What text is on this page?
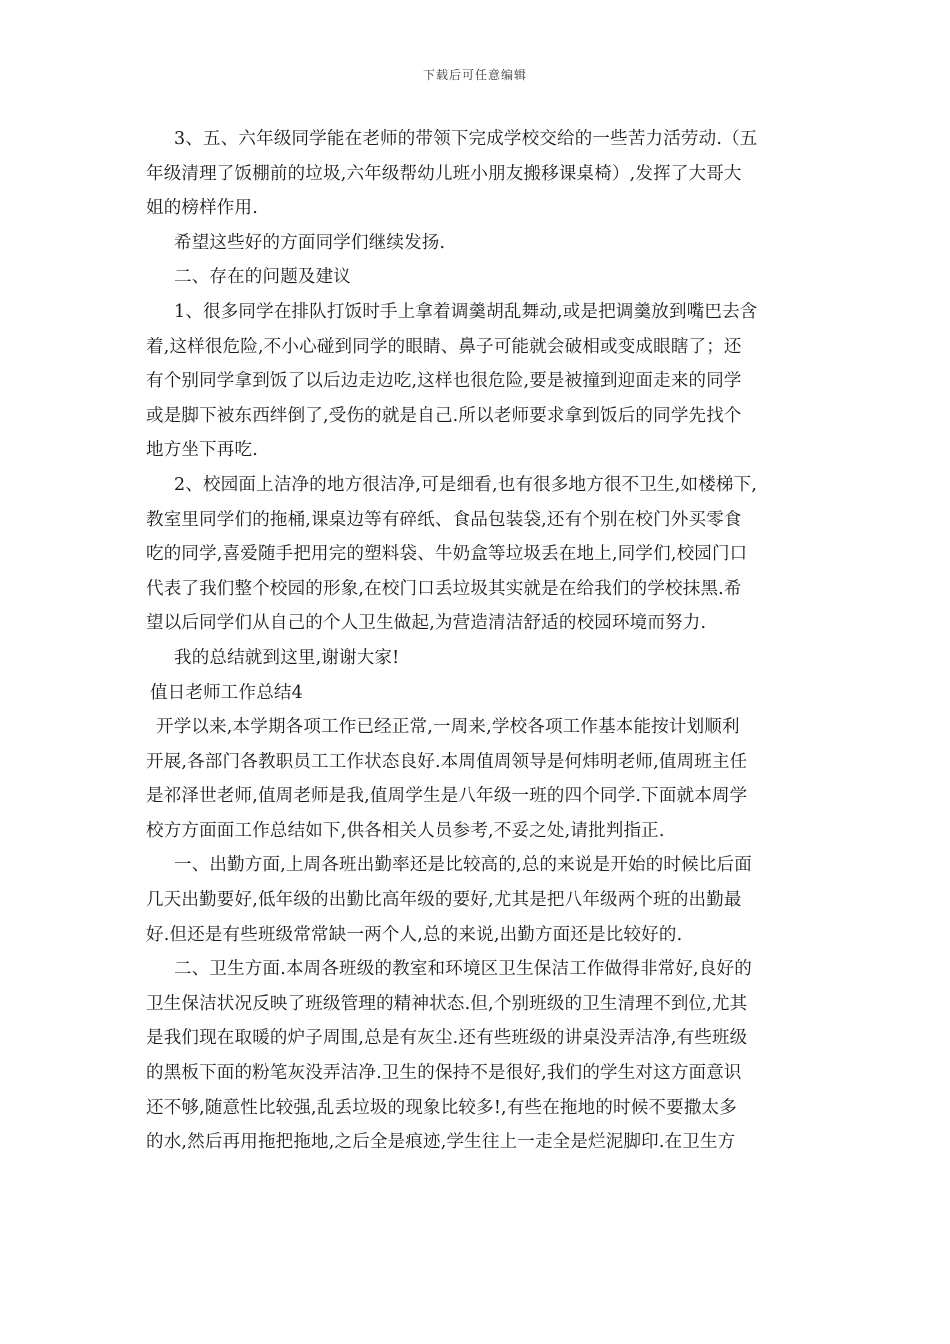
下载后可任意编辑
3、五、六年级同学能在老师的带领下完成学校交给的一些苦力活劳动.（五
年级清理了饭棚前的垃圾,六年级帮幼儿班小朋友搬移课桌椅）,发挥了大哥大
姐的榜样作用.
希望这些好的方面同学们继续发扬.
二、存在的问题及建议
1、很多同学在排队打饭时手上拿着调羹胡乱舞动,或是把调羹放到嘴巴去含
着,这样很危险,不小心碰到同学的眼睛、鼻子可能就会破相或变成眼瞎了；还
有个别同学拿到饭了以后边走边吃,这样也很危险,要是被撞到迎面走来的同学
或是脚下被东西绊倒了,受伤的就是自己.所以老师要求拿到饭后的同学先找个
地方坐下再吃.
2、校园面上洁净的地方很洁净,可是细看,也有很多地方很不卫生,如楼梯下,
教室里同学们的拖桶,课桌边等有碎纸、食品包装袋,还有个别在校门外买零食
吃的同学,喜爱随手把用完的塑料袋、牛奶盒等垃圾丢在地上,同学们,校园门口
代表了我们整个校园的形象,在校门口丢垃圾其实就是在给我们的学校抹黑.希
望以后同学们从自己的个人卫生做起,为营造清洁舒适的校园环境而努力.
我的总结就到这里,谢谢大家!
值日老师工作总结4
开学以来,本学期各项工作已经正常,一周来,学校各项工作基本能按计划顺利
开展,各部门各教职员工工作状态良好.本周值周领导是何炜明老师,值周班主任
是祁泽世老师,值周老师是我,值周学生是八年级一班的四个同学.下面就本周学
校方方面面工作总结如下,供各相关人员参考,不妥之处,请批判指正.
一、出勤方面,上周各班出勤率还是比较高的,总的来说是开始的时候比后面
几天出勤要好,低年级的出勤比高年级的要好,尤其是把八年级两个班的出勤最
好.但还是有些班级常常缺一两个人,总的来说,出勤方面还是比较好的.
二、卫生方面.本周各班级的教室和环境区卫生保洁工作做得非常好,良好的
卫生保洁状况反映了班级管理的精神状态.但,个别班级的卫生清理不到位,尤其
是我们现在取暖的炉子周围,总是有灰尘.还有些班级的讲桌没弄洁净,有些班级
的黑板下面的粉笔灰没弄洁净.卫生的保持不是很好,我们的学生对这方面意识
还不够,随意性比较强,乱丢垃圾的现象比较多!,有些在拖地的时候不要撒太多
的水,然后再用拖把拖地,之后全是痕迹,学生往上一走全是烂泥脚印.在卫生方
